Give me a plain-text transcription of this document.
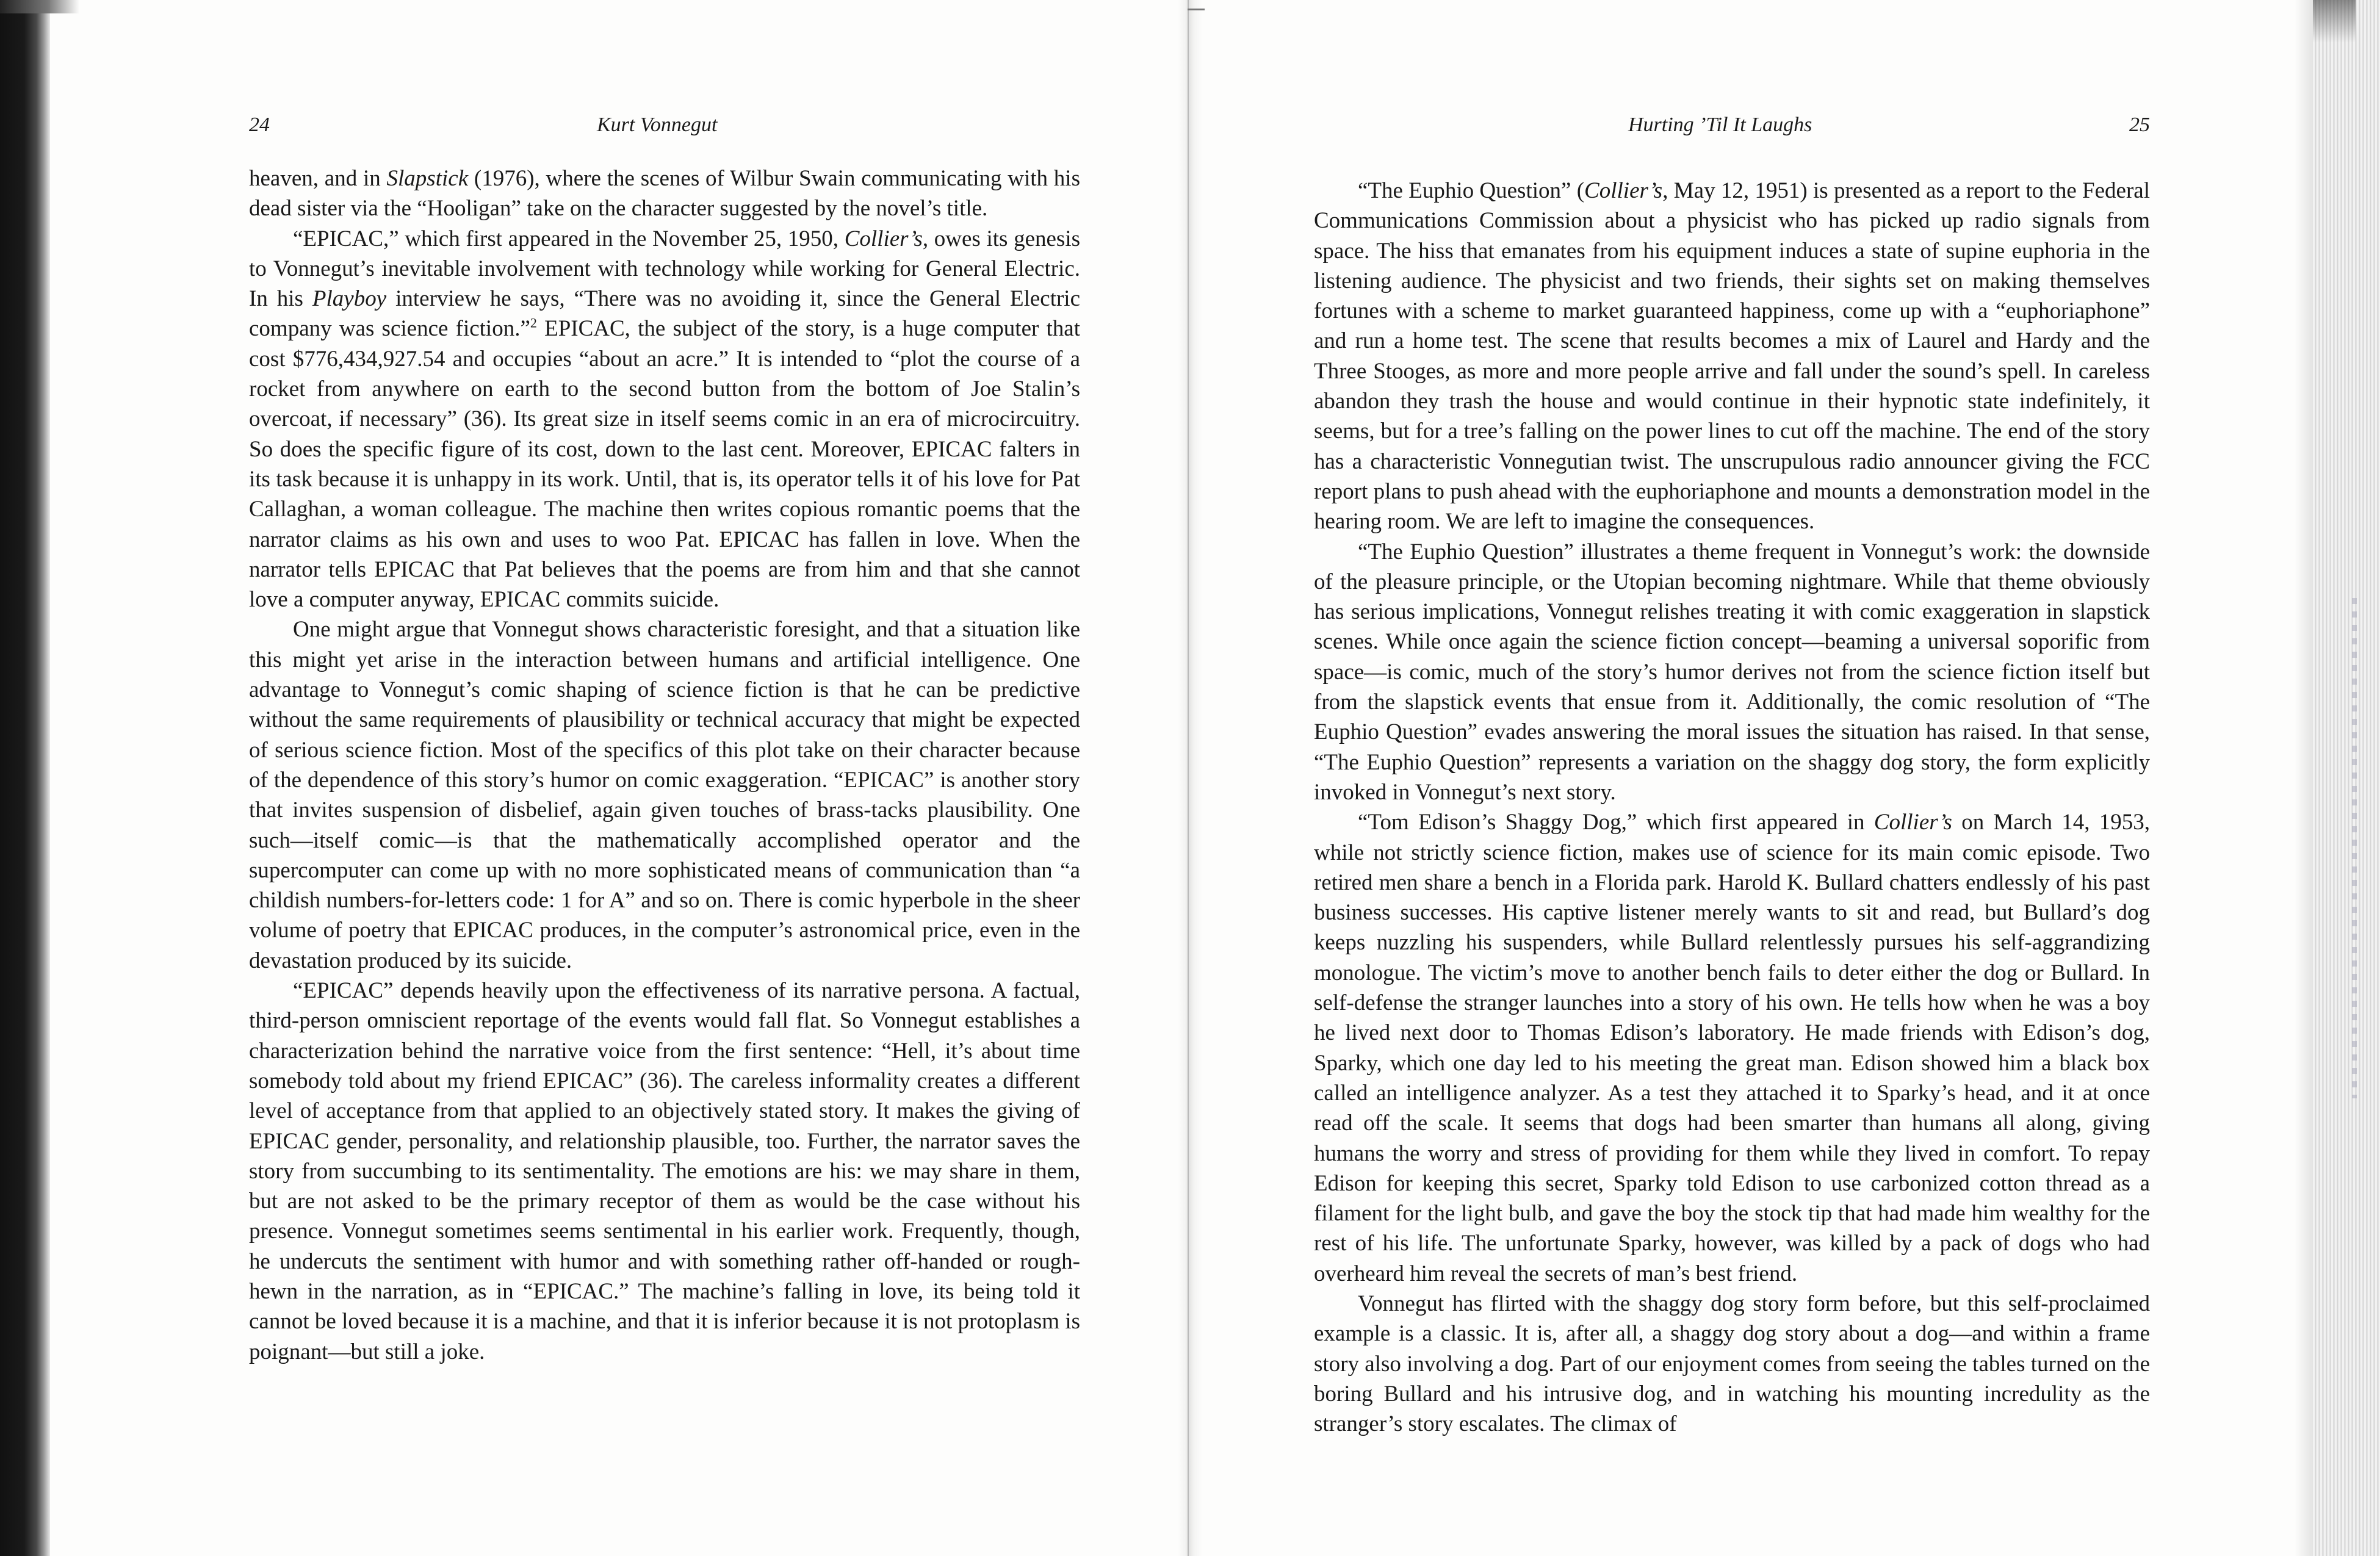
24	Kurt Vonnegut

heaven, and in Slapstick (1976), where the scenes of Wilbur Swain communicating with his dead sister via the “Hooligan” take on the character suggested by the novel’s title.

“EPICAC,” which first appeared in the November 25, 1950, Collier’s, owes its genesis to Vonnegut’s inevitable involvement with technology while working for General Electric. In his Playboy interview he says, “There was no avoiding it, since the General Electric company was science fiction.”$^2$ EPICAC, the subject of the story, is a huge computer that cost $776,434,927.54 and occupies “about an acre.” It is intended to “plot the course of a rocket from anywhere on earth to the second button from the bottom of Joe Stalin’s overcoat, if necessary” (36). Its great size in itself seems comic in an era of microcircuitry. So does the specific figure of its cost, down to the last cent. Moreover, EPICAC falters in its task because it is unhappy in its work. Until, that is, its operator tells it of his love for Pat Callaghan, a woman colleague. The machine then writes copious romantic poems that the narrator claims as his own and uses to woo Pat. EPICAC has fallen in love. When the narrator tells EPICAC that Pat believes that the poems are from him and that she cannot love a computer anyway, EPICAC commits suicide.

One might argue that Vonnegut shows characteristic foresight, and that a situation like this might yet arise in the interaction between humans and artificial intelligence. One advantage to Vonnegut’s comic shaping of science fiction is that he can be predictive without the same requirements of plausibility or technical accuracy that might be expected of serious science fiction. Most of the specifics of this plot take on their character because of the dependence of this story’s humor on comic exaggeration. “EPICAC” is another story that invites suspension of disbelief, again given touches of brass-tacks plausibility. One such—itself comic—is that the mathematically accomplished operator and the supercomputer can come up with no more sophisticated means of communication than “a childish numbers-for-letters code: 1 for A” and so on. There is comic hyperbole in the sheer volume of poetry that EPICAC produces, in the computer’s astronomical price, even in the devastation produced by its suicide.

“EPICAC” depends heavily upon the effectiveness of its narrative persona. A factual, third-person omniscient reportage of the events would fall flat. So Vonnegut establishes a characterization behind the narrative voice from the first sentence: “Hell, it’s about time somebody told about my friend EPICAC” (36). The careless informality creates a different level of acceptance from that applied to an objectively stated story. It makes the giving of EPICAC gender, personality, and relationship plausible, too. Further, the narrator saves the story from succumbing to its sentimentality. The emotions are his: we may share in them, but are not asked to be the primary receptor of them as would be the case without his presence. Vonnegut sometimes seems sentimental in his earlier work. Frequently, though, he undercuts the sentiment with humor and with something rather off-handed or rough-hewn in the narration, as in “EPICAC.” The machine’s falling in love, its being told it cannot be loved because it is a machine, and that it is inferior because it is not protoplasm is poignant—but still a joke.

Hurting ’Til It Laughs	25

“The Euphio Question” (Collier’s, May 12, 1951) is presented as a report to the Federal Communications Commission about a physicist who has picked up radio signals from space. The hiss that emanates from his equipment induces a state of supine euphoria in the listening audience. The physicist and two friends, their sights set on making themselves fortunes with a scheme to market guaranteed happiness, come up with a “euphoriaphone” and run a home test. The scene that results becomes a mix of Laurel and Hardy and the Three Stooges, as more and more people arrive and fall under the sound’s spell. In careless abandon they trash the house and would continue in their hypnotic state indefinitely, it seems, but for a tree’s falling on the power lines to cut off the machine. The end of the story has a characteristic Vonnegutian twist. The unscrupulous radio announcer giving the FCC report plans to push ahead with the euphoriaphone and mounts a demonstration model in the hearing room. We are left to imagine the consequences.

“The Euphio Question” illustrates a theme frequent in Vonnegut’s work: the downside of the pleasure principle, or the Utopian becoming nightmare. While that theme obviously has serious implications, Vonnegut relishes treating it with comic exaggeration in slapstick scenes. While once again the science fiction concept—beaming a universal soporific from space—is comic, much of the story’s humor derives not from the science fiction itself but from the slapstick events that ensue from it. Additionally, the comic resolution of “The Euphio Question” evades answering the moral issues the situation has raised. In that sense, “The Euphio Question” represents a variation on the shaggy dog story, the form explicitly invoked in Vonnegut’s next story.

“Tom Edison’s Shaggy Dog,” which first appeared in Collier’s on March 14, 1953, while not strictly science fiction, makes use of science for its main comic episode. Two retired men share a bench in a Florida park. Harold K. Bullard chatters endlessly of his past business successes. His captive listener merely wants to sit and read, but Bullard’s dog keeps nuzzling his suspenders, while Bullard relentlessly pursues his self-aggrandizing monologue. The victim’s move to another bench fails to deter either the dog or Bullard. In self-defense the stranger launches into a story of his own. He tells how when he was a boy he lived next door to Thomas Edison’s laboratory. He made friends with Edison’s dog, Sparky, which one day led to his meeting the great man. Edison showed him a black box called an intelligence analyzer. As a test they attached it to Sparky’s head, and it at once read off the scale. It seems that dogs had been smarter than humans all along, giving humans the worry and stress of providing for them while they lived in comfort. To repay Edison for keeping this secret, Sparky told Edison to use carbonized cotton thread as a filament for the light bulb, and gave the boy the stock tip that had made him wealthy for the rest of his life. The unfortunate Sparky, however, was killed by a pack of dogs who had overheard him reveal the secrets of man’s best friend.

Vonnegut has flirted with the shaggy dog story form before, but this self-proclaimed example is a classic. It is, after all, a shaggy dog story about a dog—and within a frame story also involving a dog. Part of our enjoyment comes from seeing the tables turned on the boring Bullard and his intrusive dog, and in watching his mounting incredulity as the stranger’s story escalates. The climax of
